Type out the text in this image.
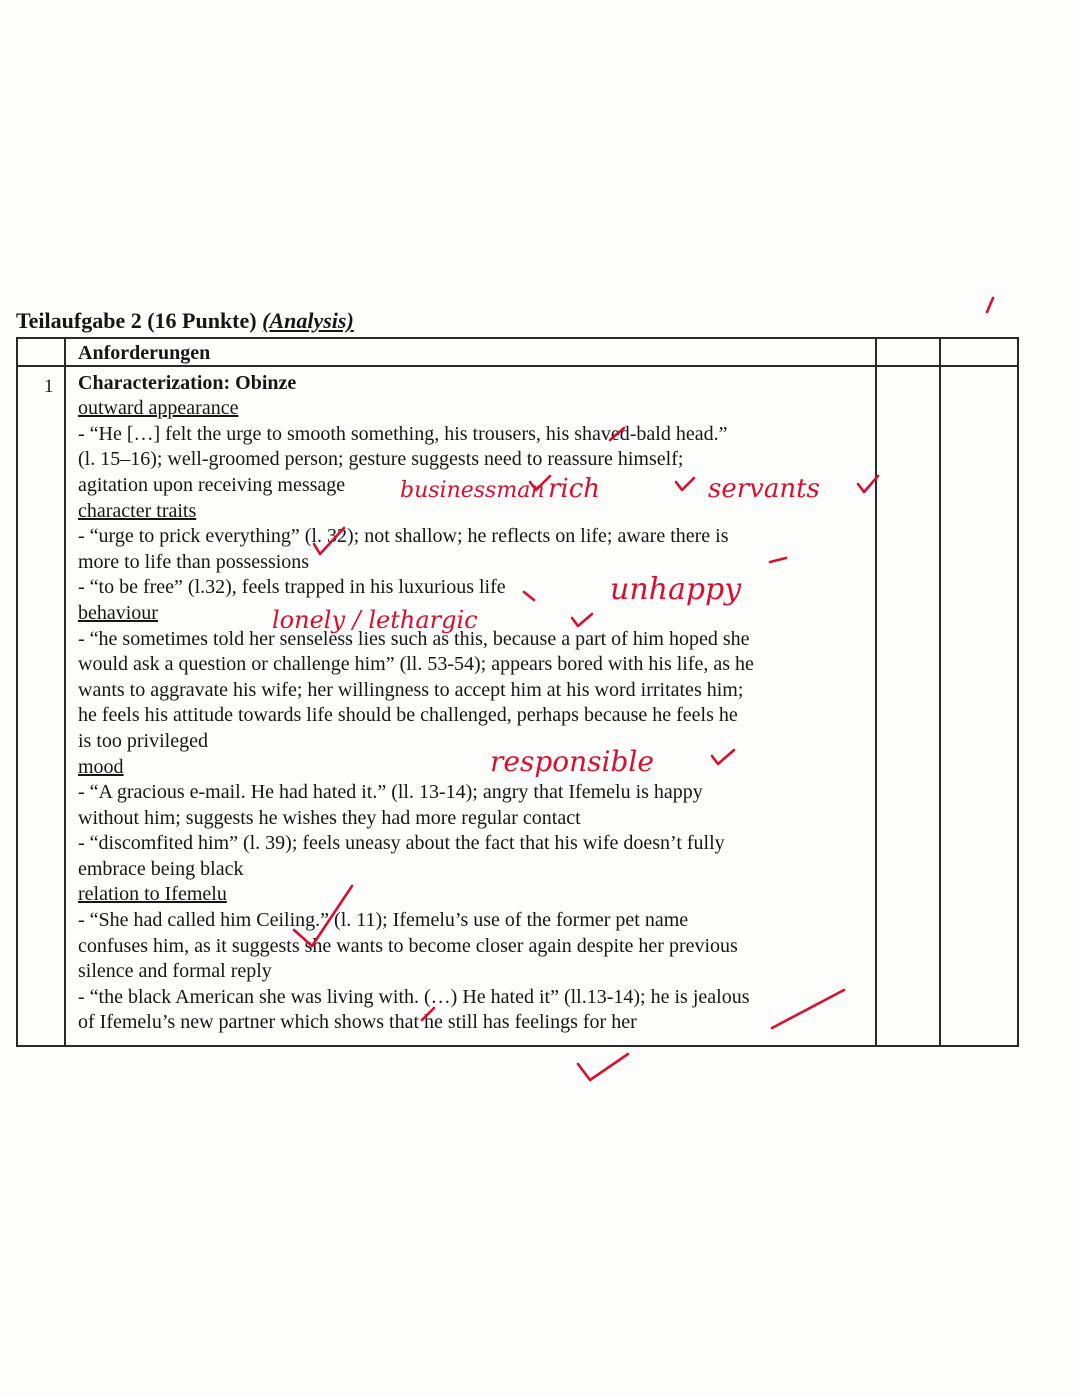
Teilaufgabe 2 (16 Punkte) (Analysis)
1
Anforderungen
Characterization: Obinze
outward appearance
- “He […] felt the urge to smooth something, his trousers, his shaved-bald head.”
(l. 15–16); well-groomed person; gesture suggests need to reassure himself;
agitation upon receiving message
character traits
- “urge to prick everything” (l. 32); not shallow; he reflects on life; aware there is
more to life than possessions
- “to be free” (l.32), feels trapped in his luxurious life
behaviour
- “he sometimes told her senseless lies such as this, because a part of him hoped she
would ask a question or challenge him” (ll. 53-54); appears bored with his life, as he
wants to aggravate his wife; her willingness to accept him at his word irritates him;
he feels his attitude towards life should be challenged, perhaps because he feels he
is too privileged
mood
- “A gracious e-mail. He had hated it.” (ll. 13-14); angry that Ifemelu is happy
without him; suggests he wishes they had more regular contact
- “discomfited him” (l. 39); feels uneasy about the fact that his wife doesn’t fully
embrace being black
relation to Ifemelu
- “She had called him Ceiling.” (l. 11); Ifemelu’s use of the former pet name
confuses him, as it suggests she wants to become closer again despite her previous
silence and formal reply
- “the black American she was living with. (…) He hated it” (ll.13-14); he is jealous
of Ifemelu’s new partner which shows that he still has feelings for her
businessman rich	servants
unhappy
lonely / lethargic
responsible
